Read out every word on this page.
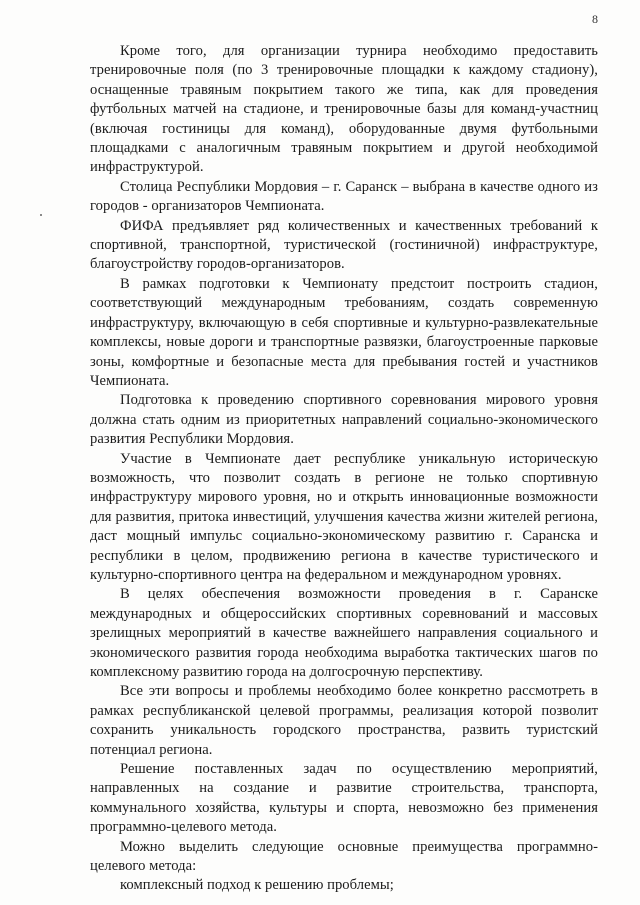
8

Кроме того, для организации турнира необходимо предоставить тренировочные поля (по 3 тренировочные площадки к каждому стадиону), оснащенные травяным покрытием такого же типа, как для проведения футбольных матчей на стадионе, и тренировочные базы для команд-участниц (включая гостиницы для команд), оборудованные двумя футбольными площадками с аналогичным травяным покрытием и другой необходимой инфраструктурой.

Столица Республики Мордовия – г. Саранск – выбрана в качестве одного из городов - организаторов Чемпионата.

ФИФА предъявляет ряд количественных и качественных требований к спортивной, транспортной, туристической (гостиничной) инфраструктуре, благоустройству городов-организаторов.

В рамках подготовки к Чемпионату предстоит построить стадион, соответствующий международным требованиям, создать современную инфраструктуру, включающую в себя спортивные и культурно-развлекательные комплексы, новые дороги и транспортные развязки, благоустроенные парковые зоны, комфортные и безопасные места для пребывания гостей и участников Чемпионата.

Подготовка к проведению спортивного соревнования мирового уровня должна стать одним из приоритетных направлений социально-экономического развития Республики Мордовия.

Участие в Чемпионате дает республике уникальную историческую возможность, что позволит создать в регионе не только спортивную инфраструктуру мирового уровня, но и открыть инновационные возможности для развития, притока инвестиций, улучшения качества жизни жителей региона, даст мощный импульс социально-экономическому развитию г. Саранска и республики в целом, продвижению региона в качестве туристического и культурно-спортивного центра на федеральном и международном уровнях.

В целях обеспечения возможности проведения в г. Саранске международных и общероссийских спортивных соревнований и массовых зрелищных мероприятий в качестве важнейшего направления социального и экономического развития города необходима выработка тактических шагов по комплексному развитию города на долгосрочную перспективу.

Все эти вопросы и проблемы необходимо более конкретно рассмотреть в рамках республиканской целевой программы, реализация которой позволит сохранить уникальность городского пространства, развить туристский потенциал региона.

Решение поставленных задач по осуществлению мероприятий, направленных на создание и развитие строительства, транспорта, коммунального хозяйства, культуры и спорта, невозможно без применения программно-целевого метода.

Можно выделить следующие основные преимущества программно-целевого метода:

комплексный подход к решению проблемы;
